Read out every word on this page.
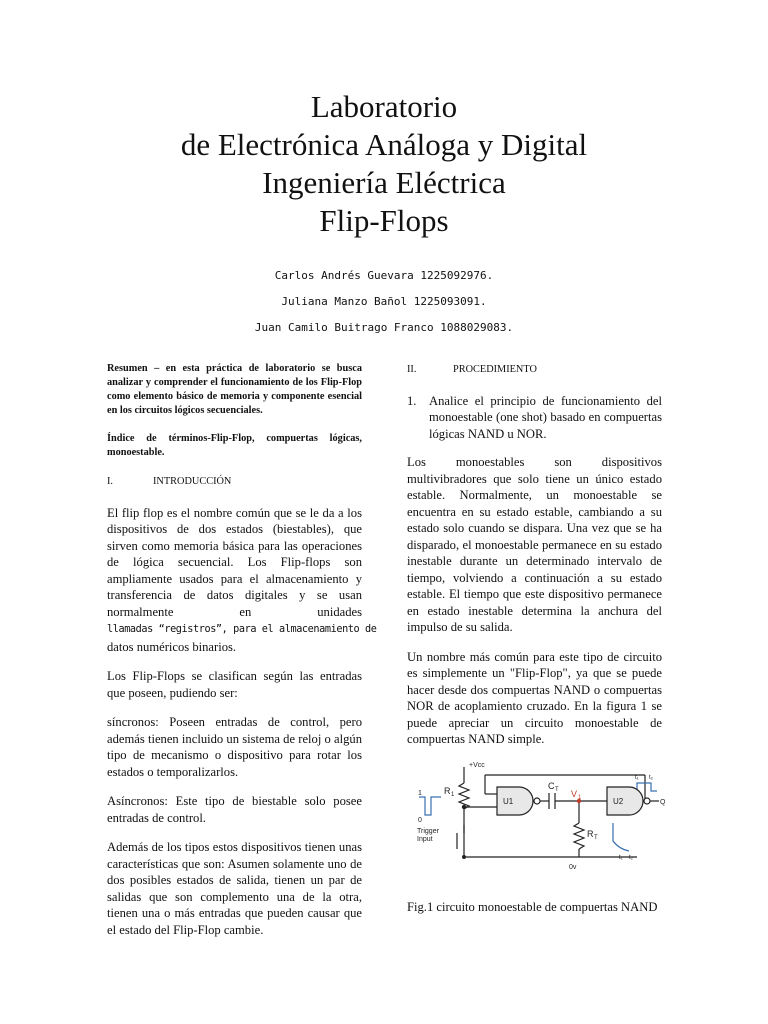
Laboratorio
de Electrónica Análoga y Digital
Ingeniería Eléctrica
Flip-Flops
Carlos Andrés Guevara 1225092976.
Juliana Manzo Bañol 1225093091.
Juan Camilo Buitrago Franco 1088029083.

Resumen – en esta práctica de laboratorio se busca analizar y comprender el funcionamiento de los Flip-Flop como elemento básico de memoria y componente esencial en los circuitos lógicos secuenciales.

Índice de términos-Flip-Flop, compuertas lógicas, monoestable.

I.	INTRODUCCIÓN

El flip flop es el nombre común que se le da a los dispositivos de dos estados (biestables), que sirven como memoria básica para las operaciones de lógica secuencial. Los Flip-flops son ampliamente usados para el almacenamiento y transferencia de datos digitales y se usan normalmente en unidades llamadas “registros”, para el almacenamiento de datos numéricos binarios.

Los Flip-Flops se clasifican según las entradas que poseen, pudiendo ser:

síncronos: Poseen entradas de control, pero además tienen incluido un sistema de reloj o algún tipo de mecanismo o dispositivo para rotar los estados o temporalizarlos.

Asíncronos: Este tipo de biestable solo posee entradas de control.

Además de los tipos estos dispositivos tienen unas características que son: Asumen solamente uno de dos posibles estados de salida, tienen un par de salidas que son complemento una de la otra, tienen una o más entradas que pueden causar que el estado del Flip-Flop cambie.

II.	PROCEDIMIENTO
1. Analice el principio de funcionamiento del monoestable (one shot) basado en compuertas lógicas NAND u NOR.

Los monoestables son dispositivos multivibradores que solo tiene un único estado estable. Normalmente, un monoestable se encuentra en su estado estable, cambiando a su estado solo cuando se dispara. Una vez que se ha disparado, el monoestable permanece en su estado inestable durante un determinado intervalo de tiempo, volviendo a continuación a su estado estable. El tiempo que este dispositivo permanece en estado inestable determina la anchura del impulso de su salida.

Un nombre más común para este tipo de circuito es simplemente un "Flip-Flop", ya que se puede hacer desde dos compuertas NAND o compuertas NOR de acoplamiento cruzado. En la figura 1 se puede apreciar un circuito monoestable de compuertas NAND simple.

+Vcc
R 1
C T V 1
R T
U1	U2	Q
1
0
Trigger
Input
0v
t₁ t₂
t₁ t₂

Fig.1 circuito monoestable de compuertas NAND
